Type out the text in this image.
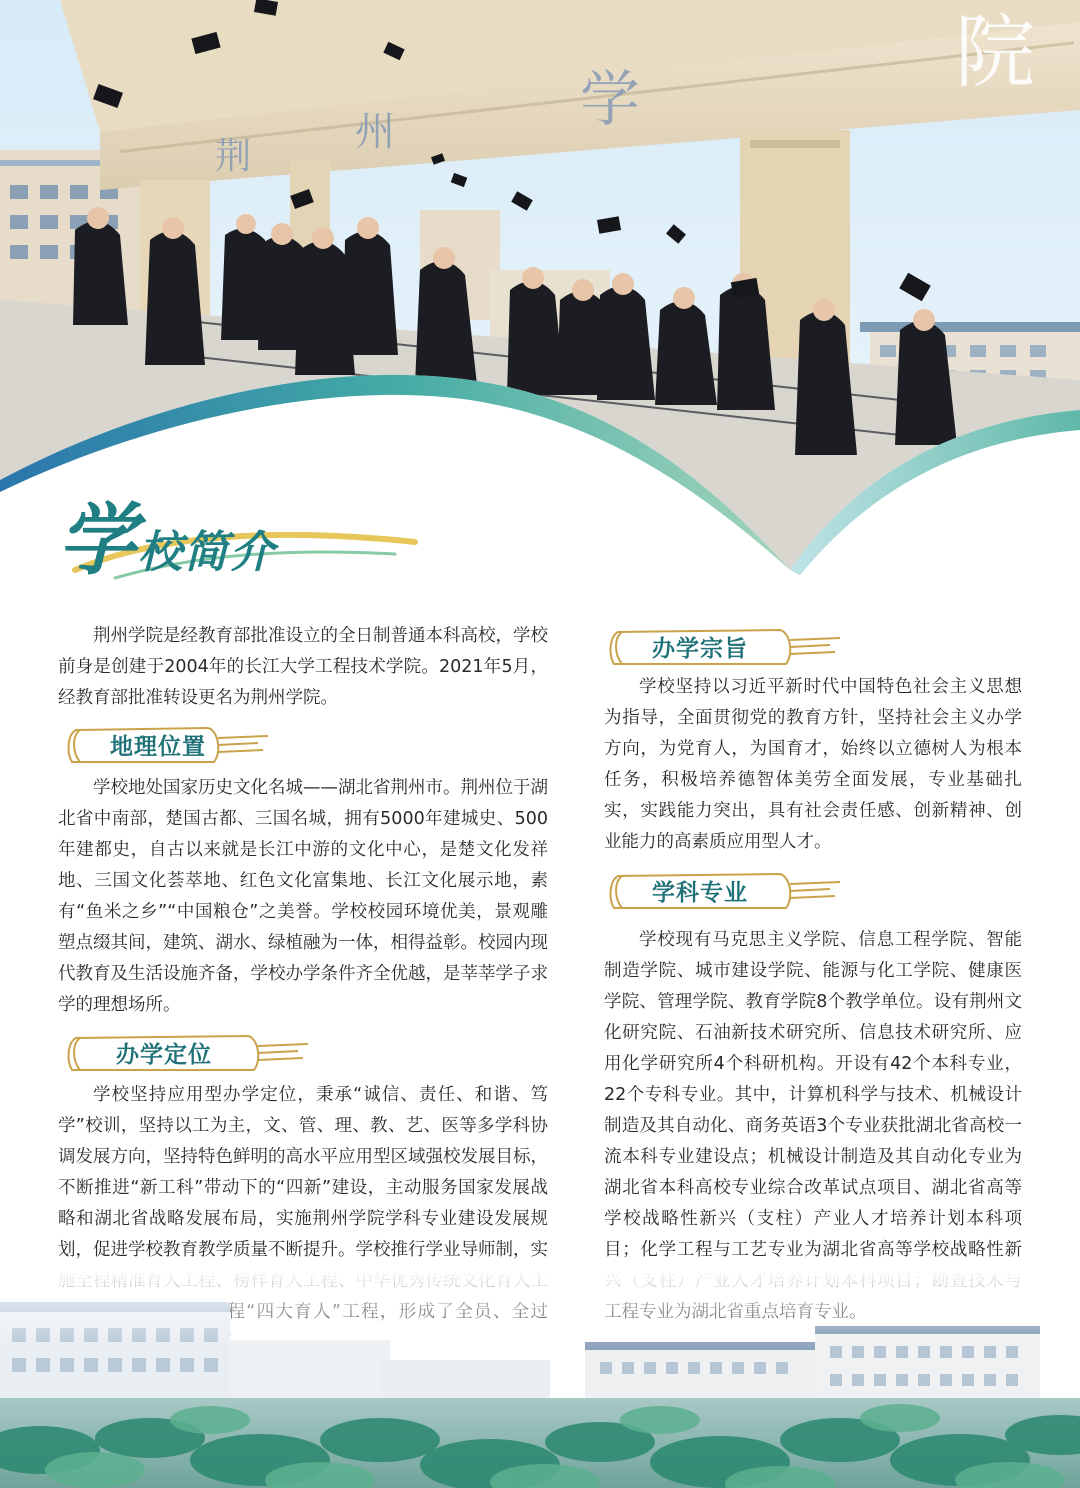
荆
州	学
院
学校简介

荆州学院是经教育部批准设立的全日制普通本科高校，学校前身是创建于2004年的长江大学工程技术学院。2021年5月，经教育部批准转设更名为荆州学院。

地理位置

学校地处国家历史文化名城——湖北省荆州市。荆州位于湖北省中南部，楚国古都、三国名城，拥有5000年建城史、500年建都史，自古以来就是长江中游的文化中心，是楚文化发祥地、三国文化荟萃地、红色文化富集地、长江文化展示地，素有“鱼米之乡”“中国粮仓”之美誉。学校校园环境优美，景观雕塑点缀其间，建筑、湖水、绿植融为一体，相得益彰。校园内现代教育及生活设施齐备，学校办学条件齐全优越，是莘莘学子求学的理想场所。

办学定位

学校坚持应用型办学定位，秉承“诚信、责任、和谐、笃学”校训，坚持以工为主，文、管、理、教、艺、医等多学科协调发展方向，坚持特色鲜明的高水平应用型区域强校发展目标，不断推进“新工科”带动下的“四新”建设，主动服务国家发展战略和湖北省战略发展布局，实施荆州学院学科专业建设发展规划，促进学校教育教学质量不断提升。学校推行学业导师制，实

办学宗旨

学校坚持以习近平新时代中国特色社会主义思想为指导，全面贯彻党的教育方针，坚持社会主义办学方向，为党育人，为国育才，始终以立德树人为根本任务，积极培养德智体美劳全面发展，专业基础扎实，实践能力突出，具有社会责任感、创新精神、创业能力的高素质应用型人才。

学科专业

学校现有马克思主义学院、信息工程学院、智能制造学院、城市建设学院、能源与化工学院、健康医学院、管理学院、教育学院8个教学单位。设有荆州文化研究院、石油新技术研究所、信息技术研究所、应用化学研究所4个科研机构。开设有42个本科专业，22个专科专业。其中，计算机科学与技术、机械设计制造及其自动化、商务英语3个专业获批湖北省高校一流本科专业建设点；机械设计制造及其自动化专业为湖北省本科高校专业综合改革试点项目、湖北省高等学校战略性新兴（支柱）产业人才培养计划本科项目；化学工程与工艺专业为湖北省高等学校战略性新
